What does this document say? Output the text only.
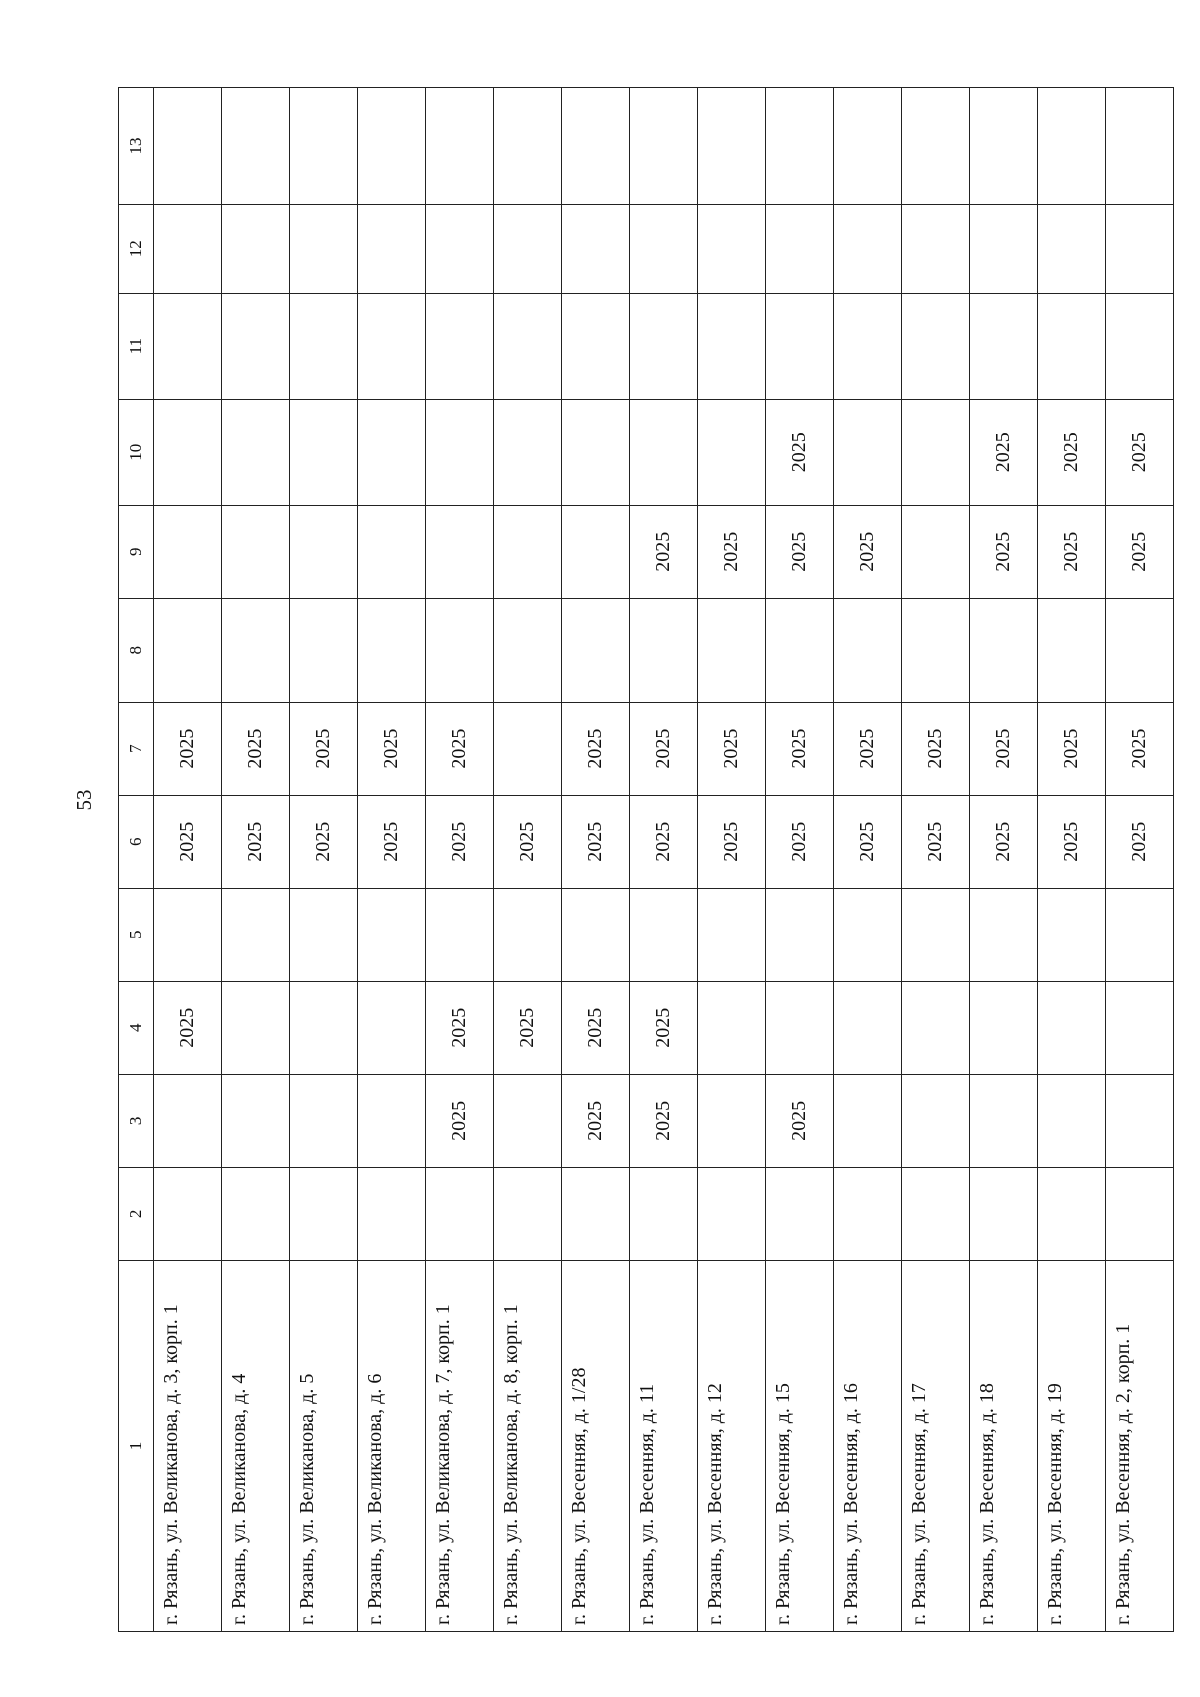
53
1	2	3	4	5	6	7	8	9	10	11	12	13
г. Рязань, ул. Великанова, д. 3, корп. 1			2025		2025	2025						
г. Рязань, ул. Великанова, д. 4					2025	2025						
г. Рязань, ул. Великанова, д. 5					2025	2025						
г. Рязань, ул. Великанова, д. 6					2025	2025						
г. Рязань, ул. Великанова, д. 7, корп. 1		2025	2025		2025	2025						
г. Рязань, ул. Великанова, д. 8, корп. 1			2025		2025							
г. Рязань, ул. Весенняя, д. 1/28		2025	2025		2025	2025						
г. Рязань, ул. Весенняя, д. 11		2025	2025		2025	2025		2025				
г. Рязань, ул. Весенняя, д. 12					2025	2025		2025				
г. Рязань, ул. Весенняя, д. 15		2025			2025	2025		2025	2025			
г. Рязань, ул. Весенняя, д. 16					2025	2025		2025				
г. Рязань, ул. Весенняя, д. 17					2025	2025						
г. Рязань, ул. Весенняя, д. 18					2025	2025		2025	2025			
г. Рязань, ул. Весенняя, д. 19					2025	2025		2025	2025			
г. Рязань, ул. Весенняя, д. 2, корп. 1					2025	2025		2025	2025			
